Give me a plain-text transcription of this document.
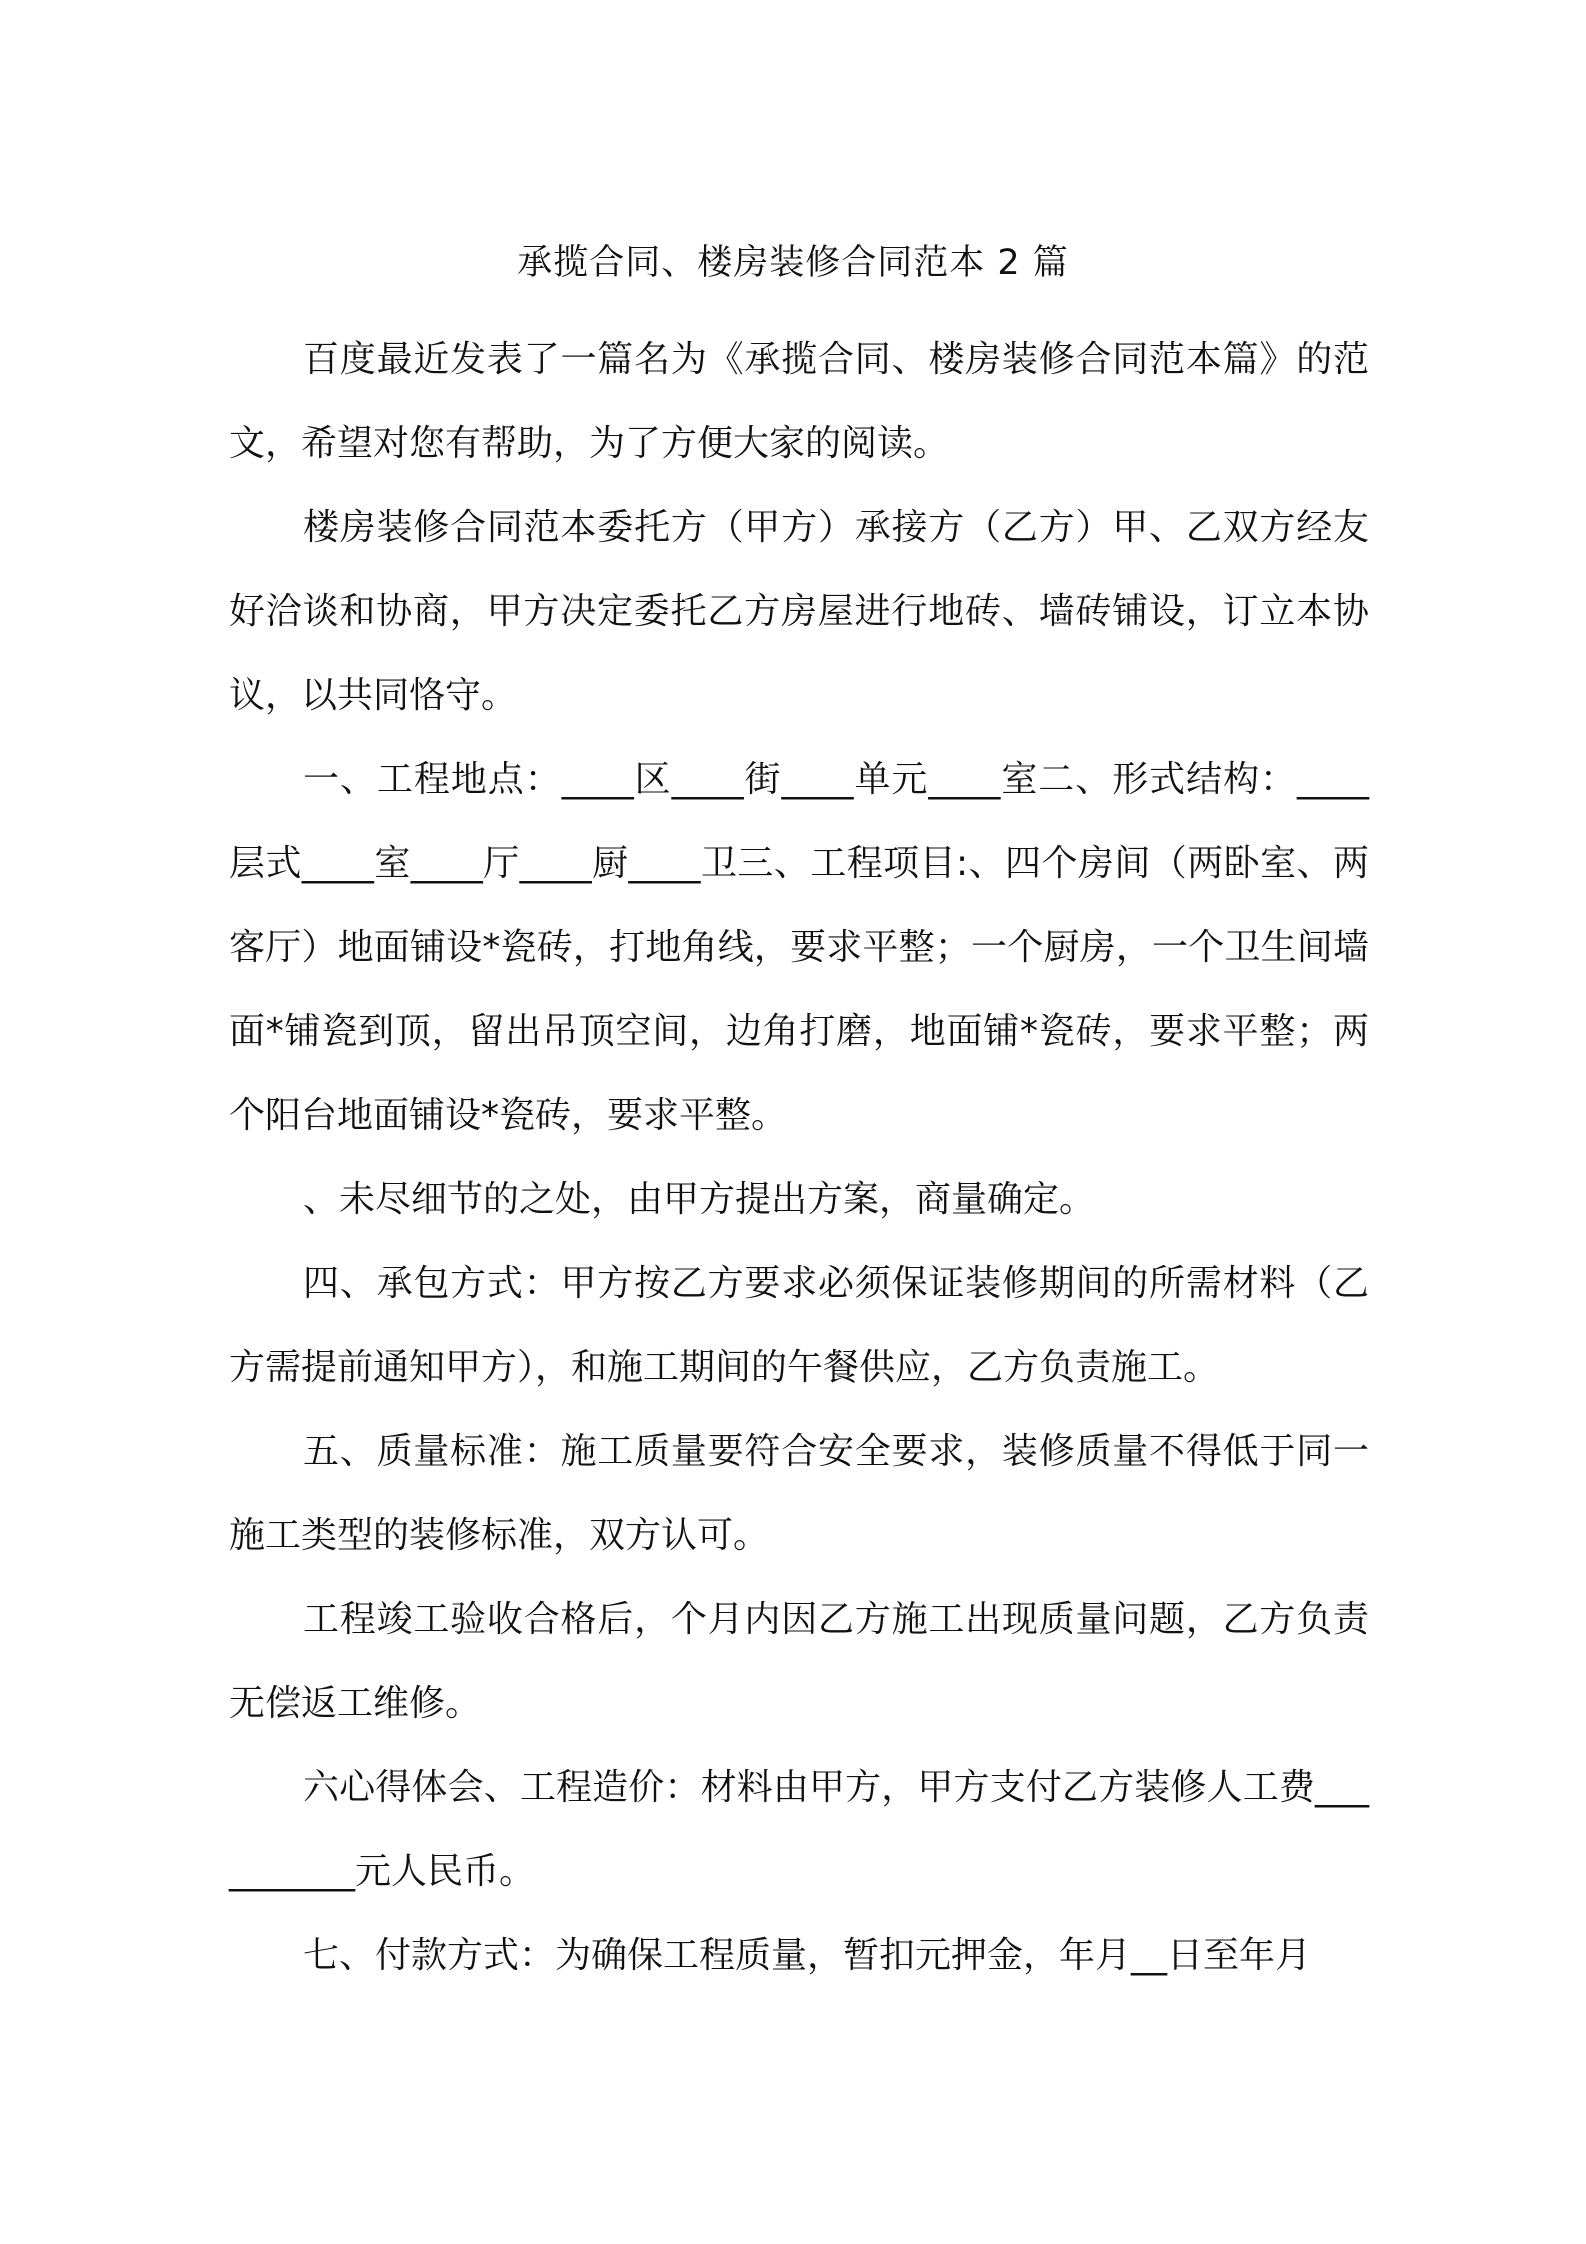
承揽合同、楼房装修合同范本 2 篇

百度最近发表了一篇名为《承揽合同、楼房装修合同范本篇》的范文，希望对您有帮助，为了方便大家的阅读。

楼房装修合同范本委托方（甲方）承接方（乙方）甲、乙双方经友好洽谈和协商，甲方决定委托乙方房屋进行地砖、墙砖铺设，订立本协议，以共同恪守。

一、工程地点：____区____街____单元____室二、形式结构：____层式____室____厅____厨____卫三、工程项目:、四个房间（两卧室、两客厅）地面铺设*瓷砖，打地角线，要求平整；一个厨房，一个卫生间墙面*铺瓷到顶，留出吊顶空间，边角打磨，地面铺*瓷砖，要求平整；两个阳台地面铺设*瓷砖，要求平整。

、未尽细节的之处，由甲方提出方案，商量确定。

四、承包方式：甲方按乙方要求必须保证装修期间的所需材料（乙方需提前通知甲方），和施工期间的午餐供应，乙方负责施工。

五、质量标准：施工质量要符合安全要求，装修质量不得低于同一施工类型的装修标准，双方认可。

工程竣工验收合格后，个月内因乙方施工出现质量问题，乙方负责无偿返工维修。

六心得体会、工程造价：材料由甲方，甲方支付乙方装修人工费__________元人民币。

七、付款方式：为确保工程质量，暂扣元押金，年月__日至年月
